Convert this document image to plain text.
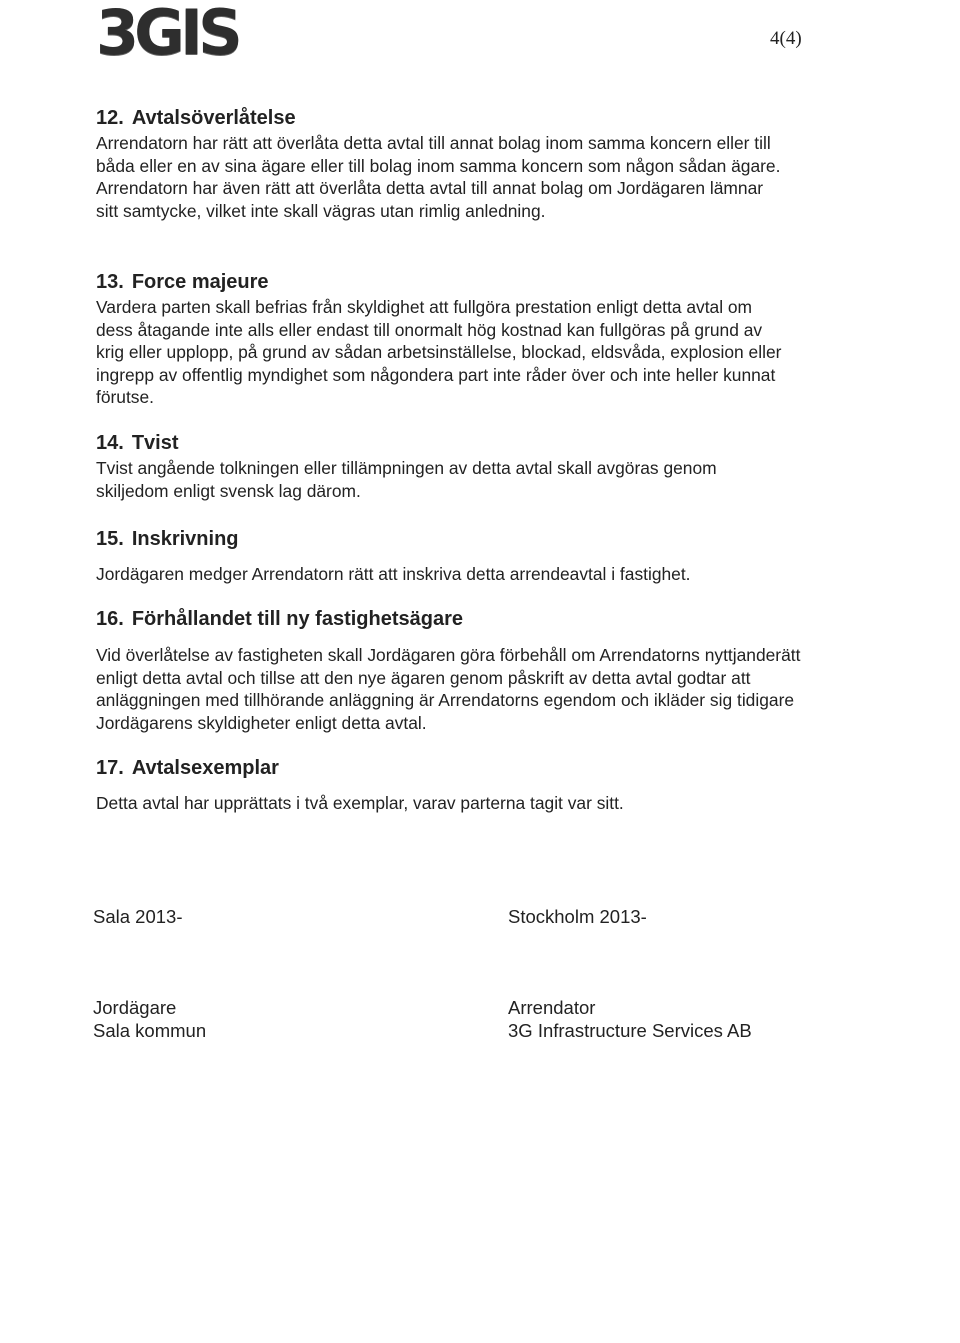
3GIS	4(4)
12. Avtalsöverlåtelse

Arrendatorn har rätt att överlåta detta avtal till annat bolag inom samma koncern eller till båda eller en av sina ägare eller till bolag inom samma koncern som någon sådan ägare. Arrendatorn har även rätt att överlåta detta avtal till annat bolag om Jordägaren lämnar sitt samtycke, vilket inte skall vägras utan rimlig anledning.

13. Force majeure

Vardera parten skall befrias från skyldighet att fullgöra prestation enligt detta avtal om dess åtagande inte alls eller endast till onormalt hög kostnad kan fullgöras på grund av krig eller upplopp, på grund av sådan arbetsinställelse, blockad, eldsvåda, explosion eller ingrepp av offentlig myndighet som någondera part inte råder över och inte heller kunnat förutse.

14. Tvist

Tvist angående tolkningen eller tillämpningen av detta avtal skall avgöras genom skiljedom enligt svensk lag därom.

15. Inskrivning

Jordägaren medger Arrendatorn rätt att inskriva detta arrendeavtal i fastighet.

16. Förhållandet till ny fastighetsägare

Vid överlåtelse av fastigheten skall Jordägaren göra förbehåll om Arrendatorns nyttjanderätt enligt detta avtal och tillse att den nye ägaren genom påskrift av detta avtal godtar att anläggningen med tillhörande anläggning är Arrendatorns egendom och ikläder sig tidigare Jordägarens skyldigheter enligt detta avtal.

17. Avtalsexemplar

Detta avtal har upprättats i två exemplar, varav parterna tagit var sitt.

Sala 2013-	Stockholm 2013-
Jordägare
Sala kommun
Arrendator
3G Infrastructure Services AB
